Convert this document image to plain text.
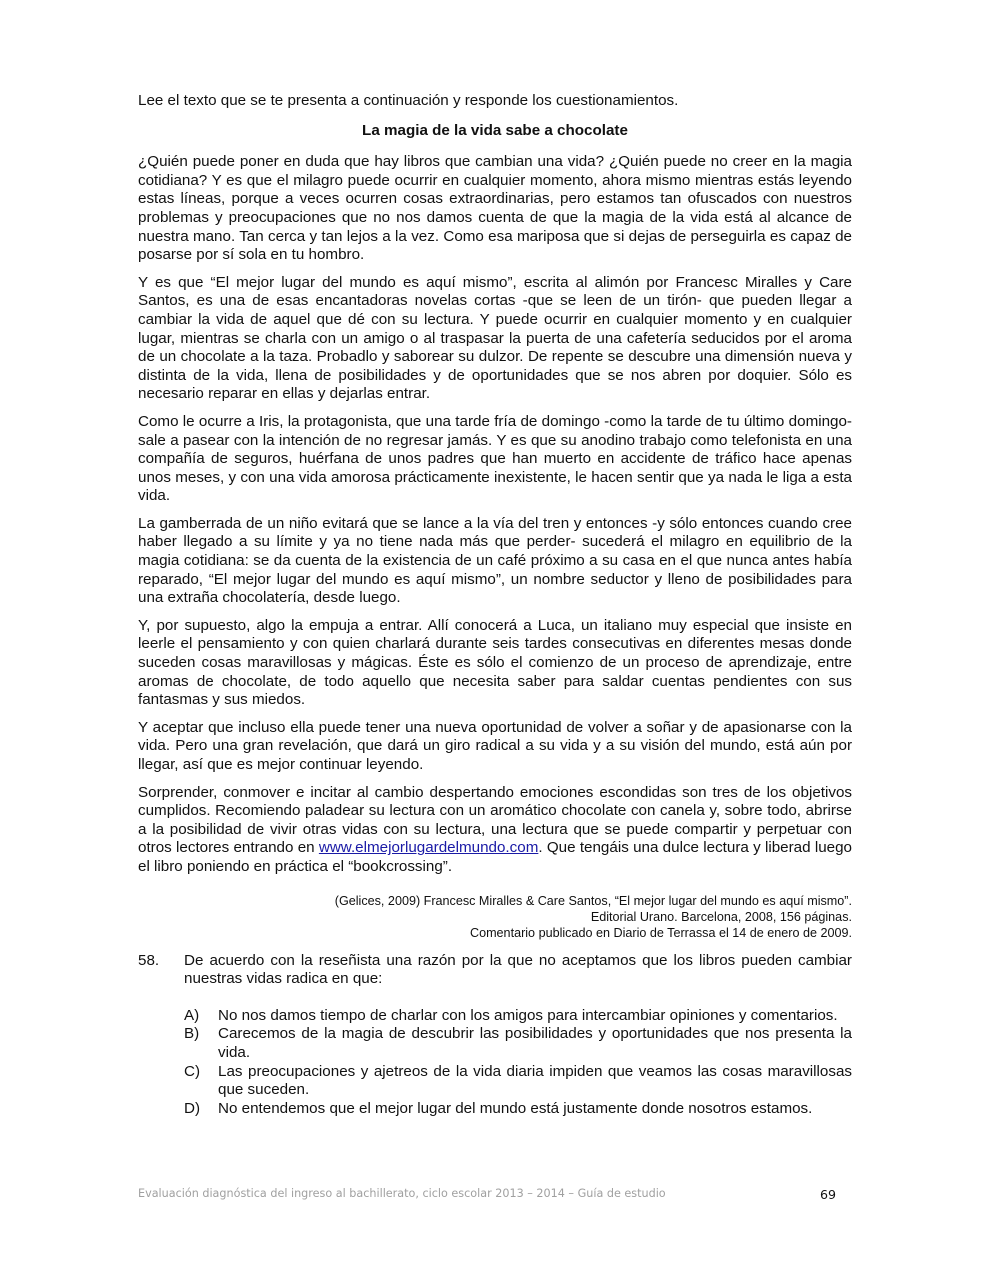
Lee el texto que se te presenta a continuación y responde los cuestionamientos.

La magia de la vida sabe a chocolate

¿Quién puede poner en duda que hay libros que cambian una vida? ¿Quién puede no creer en la magia cotidiana? Y es que el milagro puede ocurrir en cualquier momento, ahora mismo mientras estás leyendo estas líneas, porque a veces ocurren cosas extraordinarias, pero estamos tan ofuscados con nuestros problemas y preocupaciones que no nos damos cuenta de que la magia de la vida está al alcance de nuestra mano. Tan cerca y tan lejos a la vez. Como esa mariposa que si dejas de perseguirla es capaz de posarse por sí sola en tu hombro.

Y es que “El mejor lugar del mundo es aquí mismo”, escrita al alimón por Francesc Miralles y Care Santos, es una de esas encantadoras novelas cortas -que se leen de un tirón- que pueden llegar a cambiar la vida de aquel que dé con su lectura. Y puede ocurrir en cualquier momento y en cualquier lugar, mientras se charla con un amigo o al traspasar la puerta de una cafetería seducidos por el aroma de un chocolate a la taza. Probadlo y saborear su dulzor. De repente se descubre una dimensión nueva y distinta de la vida, llena de posibilidades y de oportunidades que se nos abren por doquier. Sólo es necesario reparar en ellas y dejarlas entrar.

Como le ocurre a Iris, la protagonista, que una tarde fría de domingo -como la tarde de tu último domingo- sale a pasear con la intención de no regresar jamás. Y es que su anodino trabajo como telefonista en una compañía de seguros, huérfana de unos padres que han muerto en accidente de tráfico hace apenas unos meses, y con una vida amorosa prácticamente inexistente, le hacen sentir que ya nada le liga a esta vida.

La gamberrada de un niño evitará que se lance a la vía del tren y entonces -y sólo entonces cuando cree haber llegado a su límite y ya no tiene nada más que perder- sucederá el milagro en equilibrio de la magia cotidiana: se da cuenta de la existencia de un café próximo a su casa en el que nunca antes había reparado, “El mejor lugar del mundo es aquí mismo”, un nombre seductor y lleno de posibilidades para una extraña chocolatería, desde luego.

Y, por supuesto, algo la empuja a entrar. Allí conocerá a Luca, un italiano muy especial que insiste en leerle el pensamiento y con quien charlará durante seis tardes consecutivas en diferentes mesas donde suceden cosas maravillosas y mágicas. Éste es sólo el comienzo de un proceso de aprendizaje, entre aromas de chocolate, de todo aquello que necesita saber para saldar cuentas pendientes con sus fantasmas y sus miedos.

Y aceptar que incluso ella puede tener una nueva oportunidad de volver a soñar y de apasionarse con la vida. Pero una gran revelación, que dará un giro radical a su vida y a su visión del mundo, está aún por llegar, así que es mejor continuar leyendo.

Sorprender, conmover e incitar al cambio despertando emociones escondidas son tres de los objetivos cumplidos. Recomiendo paladear su lectura con un aromático chocolate con canela y, sobre todo, abrirse a la posibilidad de vivir otras vidas con su lectura, una lectura que se puede compartir y perpetuar con otros lectores entrando en www.elmejorlugardelmundo.com. Que tengáis una dulce lectura y liberad luego el libro poniendo en práctica el “bookcrossing”.

(Gelices, 2009) Francesc Miralles & Care Santos, “El mejor lugar del mundo es aquí mismo”.
Editorial Urano. Barcelona, 2008, 156 páginas.
Comentario publicado en Diario de Terrassa el 14 de enero de 2009.
58.	De acuerdo con la reseñista una razón por la que no aceptamos que los libros pueden cambiar nuestras vidas radica en que:
A)	No nos damos tiempo de charlar con los amigos para intercambiar opiniones y comentarios.
B)	Carecemos de la magia de descubrir las posibilidades y oportunidades que nos presenta la vida.
C)	Las preocupaciones y ajetreos de la vida diaria impiden que veamos las cosas maravillosas que suceden.
D)	No entendemos que el mejor lugar del mundo está justamente donde nosotros estamos.
Evaluación diagnóstica del ingreso al bachillerato, ciclo escolar 2013 – 2014 – Guía de estudio	69
